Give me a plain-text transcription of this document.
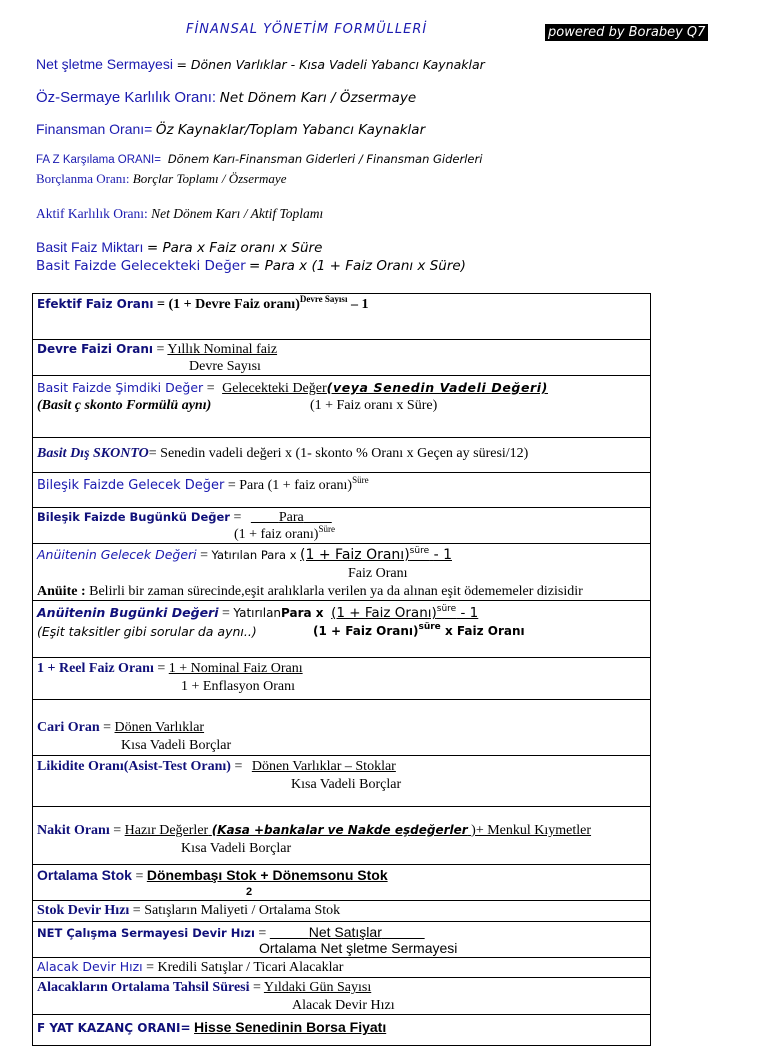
FİNANSAL YÖNETİM FORMÜLLERİ	powered by Borabey Q7
Net şletme Sermayesi = Dönen Varlıklar - Kısa Vadeli Yabancı Kaynaklar
Öz-Sermaye Karlılık Oranı: Net Dönem Karı / Özsermaye
Finansman Oranı= Öz Kaynaklar/Toplam Yabancı Kaynaklar
FA Z Karşılama ORANI= Dönem Karı-Finansman Giderleri / Finansman Giderleri
Borçlanma Oranı: Borçlar Toplamı / Özsermaye
Aktif Karlılık Oranı: Net Dönem Karı / Aktif Toplamı
Basit Faiz Miktarı = Para x Faiz oranı x Süre
Basit Faizde Gelecekteki Değer = Para x (1 + Faiz Oranı x Süre)
Efektif Faiz Oranı = (1 + Devre Faiz oranı)$^{Devre Sayısı}$ – 1

Devre Faizi Oranı = Yıllık Nominal faiz
Devre Sayısı

Basit Faizde Şimdiki Değer = Gelecekteki Değer(veya Senedin Vadeli Değeri)
(Basit ç skonto Formülü aynı)	(1 + Faiz oranı x Süre)

Basit Dış SKONTO= Senedin vadeli değeri x (1- skonto % Oranı x Geçen ay süresi/12)

Bileşik Faizde Gelecek Değer = Para (1 + faiz oranı)$^{Süre}$

Bileşik Faizde Bugünkü Değer =	Para
(1 + faiz oranı)$^{Süre}$

Anüitenin Gelecek Değeri = Yatırılan Para x (1 + Faiz Oranı)$^{süre}$ - 1
Faiz Oranı
Anüite : Belirli bir zaman sürecinde,eşit aralıklarla verilen ya da alınan eşit ödememeler dizisidir

Anüitenin Bugünki Değeri = YatırılanPara x (1 + Faiz Oranı)$^{süre}$ - 1
(Eşit taksitler gibi sorular da aynı..)	(1 + Faiz Oranı)$^{süre}$ x Faiz Oranı

1 + Reel Faiz Oranı = 1 + Nominal Faiz Oranı
1 + Enflasyon Oranı

Cari Oran = Dönen Varlıklar
Kısa Vadeli Borçlar

Likidite Oranı(Asist-Test Oranı) = Dönen Varlıklar – Stoklar
Kısa Vadeli Borçlar

Nakit Oranı = Hazır Değerler (Kasa +bankalar ve Nakde eşdeğerler )+ Menkul Kıymetler
Kısa Vadeli Borçlar

Ortalama Stok = Dönembaşı Stok + Dönemsonu Stok
2

Stok Devir Hızı = Satışların Maliyeti / Ortalama Stok

NET Çalışma Sermayesi Devir Hızı =	Net Satışlar
Ortalama Net şletme Sermayesi

Alacak Devir Hızı = Kredili Satışlar / Ticari Alacaklar

Alacakların Ortalama Tahsil Süresi = Yıldaki Gün Sayısı
Alacak Devir Hızı

F YAT KAZANÇ ORANI= Hisse Senedinin Borsa Fiyatı
